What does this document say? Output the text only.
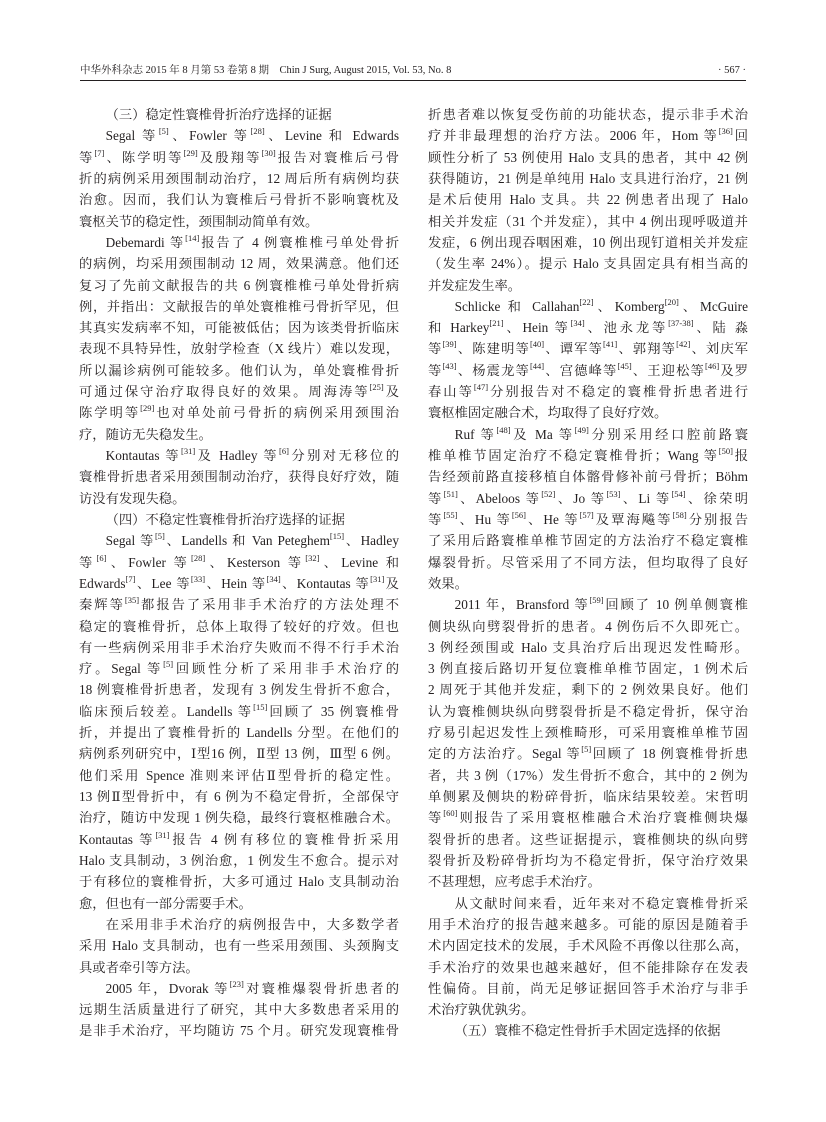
中华外科杂志 2015 年 8 月第 53 卷第 8 期　Chin J Surg, August 2015, Vol. 53, No. 8	· 567 ·
（三）稳定性寰椎骨折治疗选择的证据
Segal 等[5]、Fowler 等[28]、Levine 和 Edwards
等[7]、陈学明等[29]及殷翔等[30]报告对寰椎后弓骨
折的病例采用颈围制动治疗，12 周后所有病例均获
治愈。因而，我们认为寰椎后弓骨折不影响寰枕及
寰枢关节的稳定性，颈围制动简单有效。
Debemardi 等[14]报告了 4 例寰椎椎弓单处骨折
的病例，均采用颈围制动 12 周，效果满意。他们还
复习了先前文献报告的共 6 例寰椎椎弓单处骨折病
例，并指出：文献报告的单处寰椎椎弓骨折罕见，但
其真实发病率不知，可能被低估；因为该类骨折临床
表现不具特异性，放射学检查（X 线片）难以发现，
所以漏诊病例可能较多。他们认为，单处寰椎骨折
可通过保守治疗取得良好的效果。周海涛等[25]及
陈学明等[29]也对单处前弓骨折的病例采用颈围治
疗，随访无失稳发生。
Kontautas 等[31]及 Hadley 等[6]分别对无移位的
寰椎骨折患者采用颈围制动治疗，获得良好疗效，随
访没有发现失稳。
（四）不稳定性寰椎骨折治疗选择的证据
Segal 等[5]、Landells 和 Van Peteghem[15]、Hadley
等[6]、Fowler 等[28]、Kesterson 等[32]、Levine 和
Edwards[7]、Lee 等[33]、Hein 等[34]、Kontautas 等[31]及
秦辉等[35]都报告了采用非手术治疗的方法处理不
稳定的寰椎骨折，总体上取得了较好的疗效。但也
有一些病例采用非手术治疗失败而不得不行手术治
疗。Segal 等[5]回顾性分析了采用非手术治疗的
18 例寰椎骨折患者，发现有 3 例发生骨折不愈合，
临床预后较差。Landells 等[15]回顾了 35 例寰椎骨
折，并提出了寰椎骨折的 Landells 分型。在他们的
病例系列研究中，Ⅰ型16 例，Ⅱ型 13 例，Ⅲ型 6 例。
他们采用 Spence 准则来评估Ⅱ型骨折的稳定性。
13 例Ⅱ型骨折中，有 6 例为不稳定骨折，全部保守
治疗，随访中发现 1 例失稳，最终行寰枢椎融合术。
Kontautas 等[31]报告 4 例有移位的寰椎骨折采用
Halo 支具制动，3 例治愈，1 例发生不愈合。提示对
于有移位的寰椎骨折，大多可通过 Halo 支具制动治
愈，但也有一部分需要手术。
在采用非手术治疗的病例报告中，大多数学者
采用 Halo 支具制动，也有一些采用颈围、头颈胸支
具或者牵引等方法。
2005 年，Dvorak 等[23]对寰椎爆裂骨折患者的
远期生活质量进行了研究，其中大多数患者采用的
是非手术治疗，平均随访 75 个月。研究发现寰椎骨
折患者难以恢复受伤前的功能状态，提示非手术治
疗并非最理想的治疗方法。2006 年，Hom 等[36]回
顾性分析了 53 例使用 Halo 支具的患者，其中 42 例
获得随访，21 例是单纯用 Halo 支具进行治疗，21 例
是术后使用 Halo 支具。共 22 例患者出现了 Halo
相关并发症（31 个并发症），其中 4 例出现呼吸道并
发症，6 例出现吞咽困难，10 例出现钉道相关并发症
（发生率 24%）。提示 Halo 支具固定具有相当高的
并发症发生率。
Schlicke 和 Callahan[22]、Komberg[20]、McGuire
和 Harkey[21]、Hein 等[34]、池永龙等[37-38]、陆 淼
等[39]、陈建明等[40]、谭军等[41]、郭翔等[42]、刘庆军
等[43]、杨震龙等[44]、宫德峰等[45]、王迎松等[46]及罗
春山等[47]分别报告对不稳定的寰椎骨折患者进行
寰枢椎固定融合术，均取得了良好疗效。
Ruf 等[48]及 Ma 等[49]分别采用经口腔前路寰
椎单椎节固定治疗不稳定寰椎骨折；Wang 等[50]报
告经颈前路直接移植自体髂骨修补前弓骨折；Böhm
等[51]、Abeloos 等[52]、Jo 等[53]、Li 等[54]、徐荣明
等[55]、Hu 等[56]、He 等[57]及覃海飚等[58]分别报告
了采用后路寰椎单椎节固定的方法治疗不稳定寰椎
爆裂骨折。尽管采用了不同方法，但均取得了良好
效果。
2011 年，Bransford 等[59]回顾了 10 例单侧寰椎
侧块纵向劈裂骨折的患者。4 例伤后不久即死亡。
3 例经颈围或 Halo 支具治疗后出现迟发性畸形。
3 例直接后路切开复位寰椎单椎节固定，1 例术后
2 周死于其他并发症，剩下的 2 例效果良好。他们
认为寰椎侧块纵向劈裂骨折是不稳定骨折，保守治
疗易引起迟发性上颈椎畸形，可采用寰椎单椎节固
定的方法治疗。Segal 等[5]回顾了 18 例寰椎骨折患
者，共 3 例（17%）发生骨折不愈合，其中的 2 例为
单侧累及侧块的粉碎骨折，临床结果较差。宋哲明
等[60]则报告了采用寰枢椎融合术治疗寰椎侧块爆
裂骨折的患者。这些证据提示，寰椎侧块的纵向劈
裂骨折及粉碎骨折均为不稳定骨折，保守治疗效果
不甚理想，应考虑手术治疗。
从文献时间来看，近年来对不稳定寰椎骨折采
用手术治疗的报告越来越多。可能的原因是随着手
术内固定技术的发展，手术风险不再像以往那么高，
手术治疗的效果也越来越好，但不能排除存在发表
性偏倚。目前，尚无足够证据回答手术治疗与非手
术治疗孰优孰劣。
（五）寰椎不稳定性骨折手术固定选择的依据
